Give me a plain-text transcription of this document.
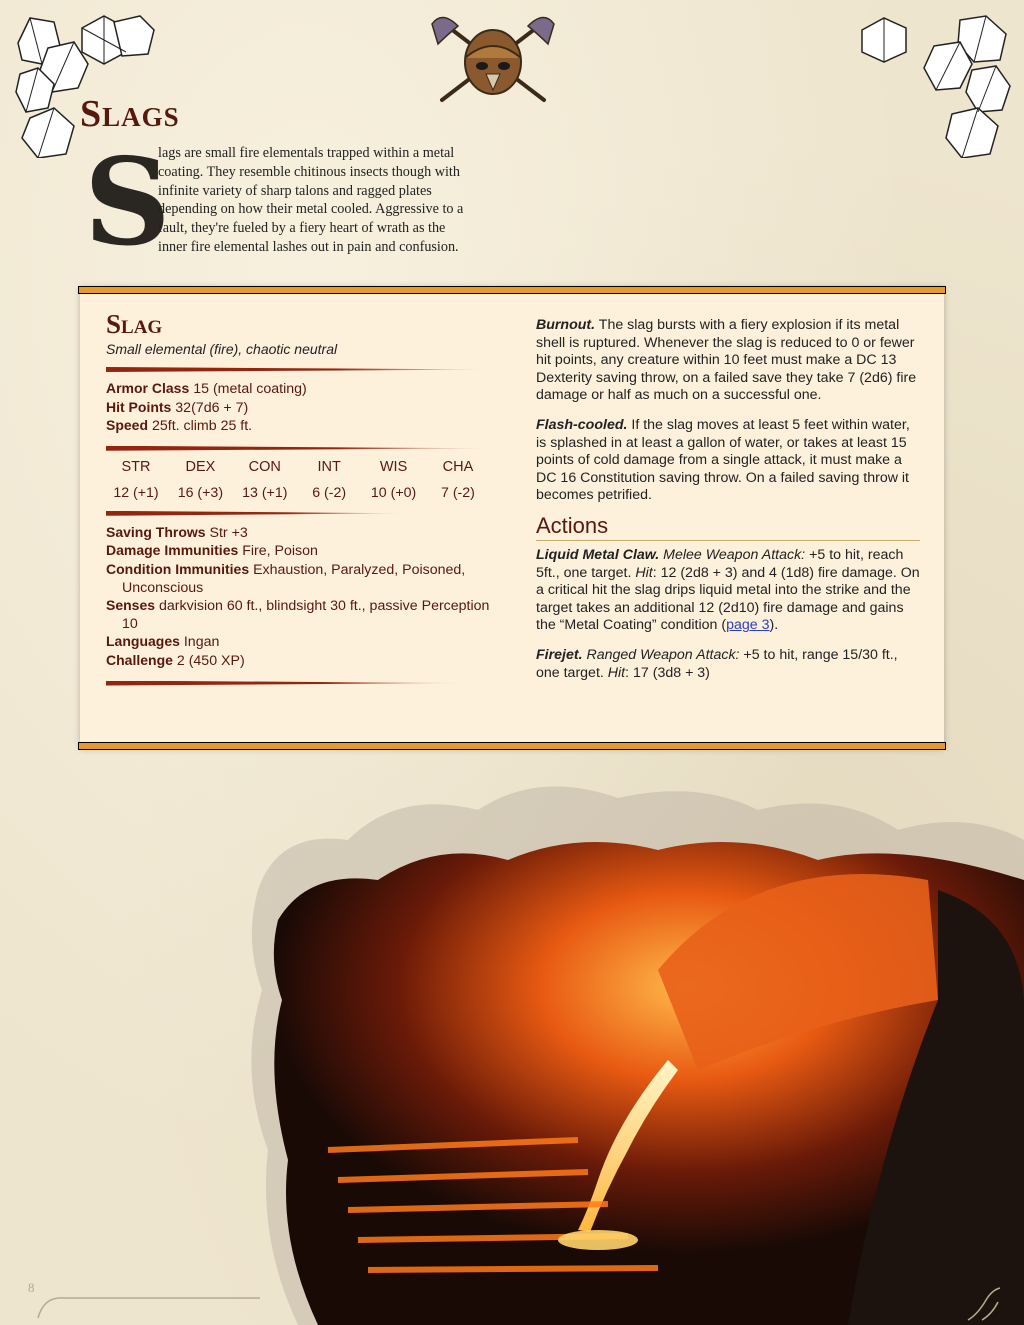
Slags
S
lags are small fire elementals trapped within a metal coating. They resemble chitinous insects though with infinite variety of sharp talons and ragged plates depending on how their metal cooled. Aggressive to a fault, they're fueled by a fiery heart of wrath as the inner fire elemental lashes out in pain and confusion.
Slag
Small elemental (fire), chaotic neutral
Armor Class 15 (metal coating)
Hit Points 32(7d6 + 7)
Speed 25ft. climb 25 ft.
STR
12 (+1)
DEX
16 (+3)
CON
13 (+1)
INT
6 (-2)
WIS
10 (+0)
CHA
7 (-2)
Saving Throws Str +3
Damage Immunities Fire, Poison
Condition Immunities Exhaustion, Paralyzed, Poisoned, Unconscious
Senses darkvision 60 ft., blindsight 30 ft., passive Perception 10
Languages Ingan
Challenge 2 (450 XP)
Burnout. The slag bursts with a fiery explosion if its metal shell is ruptured. Whenever the slag is reduced to 0 or fewer hit points, any creature within 10 feet must make a DC 13 Dexterity saving throw, on a failed save they take 7 (2d6) fire damage or half as much on a successful one.
Flash-cooled. If the slag moves at least 5 feet within water, is splashed in at least a gallon of water, or takes at least 15 points of cold damage from a single attack, it must make a DC 16 Constitution saving throw. On a failed saving throw it becomes petrified.
Actions
Liquid Metal Claw. Melee Weapon Attack: +5 to hit, reach 5ft., one target. Hit: 12 (2d8 + 3) and 4 (1d8) fire damage. On a critical hit the slag drips liquid metal into the strike and the target takes an additional 12 (2d10) fire damage and gains the “Metal Coating” condition (page 3).
Firejet. Ranged Weapon Attack: +5 to hit, range 15/30 ft., one target. Hit: 17 (3d8 + 3)
8
